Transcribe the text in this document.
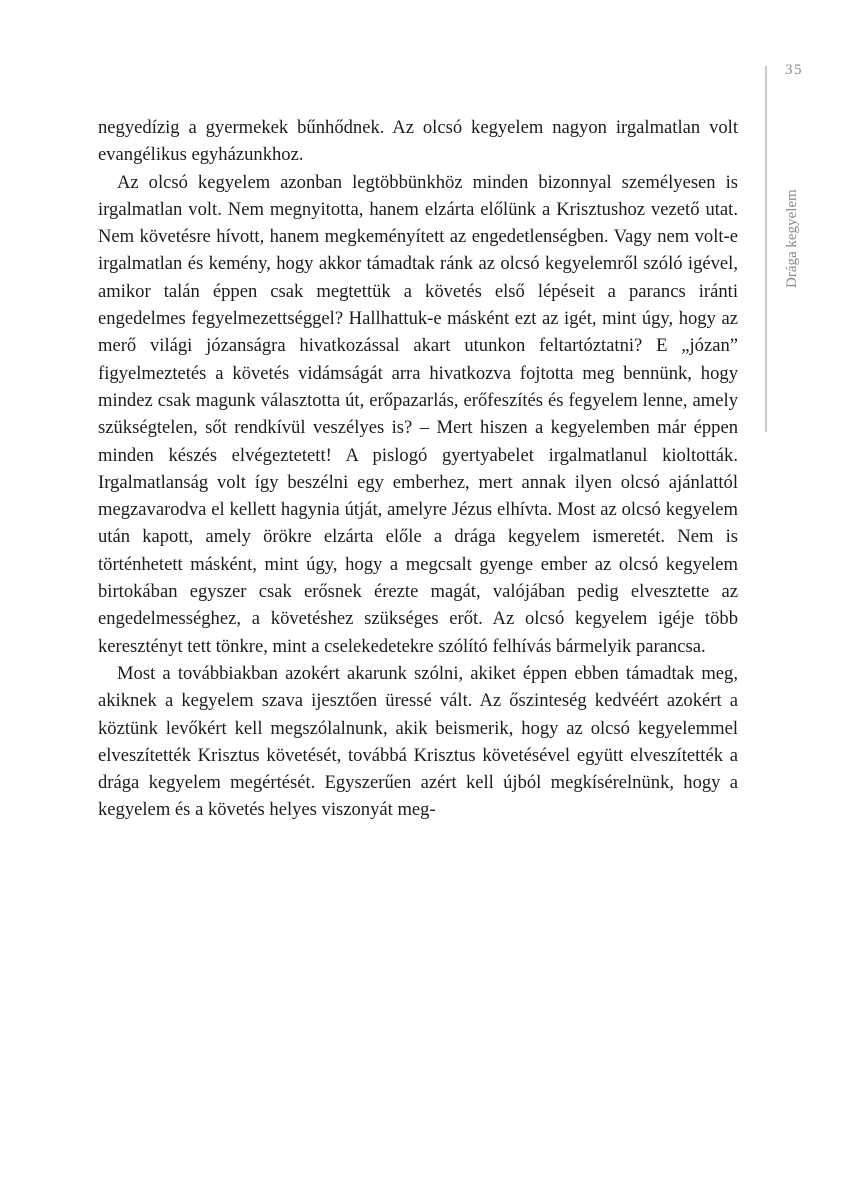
35
Drága kegyelem

negyedízig a gyermekek bűnhődnek. Az olcsó kegyelem nagyon irgalmatlan volt evangélikus egyházunkhoz.

Az olcsó kegyelem azonban legtöbbünkhöz minden bizonnyal személyesen is irgalmatlan volt. Nem megnyitotta, hanem elzárta előlünk a Krisztushoz vezető utat. Nem követésre hívott, hanem megkeményített az engedetlenségben. Vagy nem volt-e irgalmatlan és kemény, hogy akkor támadtak ránk az olcsó kegyelemről szóló igével, amikor talán éppen csak megtettük a követés első lépéseit a parancs iránti engedelmes fegyelmezettséggel? Hallhattuk-e másként ezt az igét, mint úgy, hogy az merő világi józanságra hivatkozással akart utunkon feltartóztatni? E „józan” figyelmeztetés a követés vidámságát arra hivatkozva fojtotta meg bennünk, hogy mindez csak magunk választotta út, erőpazarlás, erőfeszítés és fegyelem lenne, amely szükségtelen, sőt rendkívül veszélyes is? – Mert hiszen a kegyelemben már éppen minden készés elvégeztetett! A pislogó gyertyabelet irgalmatlanul kioltották. Irgalmatlanság volt így beszélni egy emberhez, mert annak ilyen olcsó ajánlattól megzavarodva el kellett hagynia útját, amelyre Jézus elhívta. Most az olcsó kegyelem után kapott, amely örökre elzárta előle a drága kegyelem ismeretét. Nem is történhetett másként, mint úgy, hogy a megcsalt gyenge ember az olcsó kegyelem birtokában egyszer csak erősnek érezte magát, valójában pedig elvesztette az engedelmességhez, a követéshez szükséges erőt. Az olcsó kegyelem igéje több keresztényt tett tönkre, mint a cselekedetekre szólító felhívás bármelyik parancsa.

Most a továbbiakban azokért akarunk szólni, akiket éppen ebben támadtak meg, akiknek a kegyelem szava ijesztően üressé vált. Az őszinteség kedvéért azokért a köztünk levőkért kell megszólalnunk, akik beismerik, hogy az olcsó kegyelemmel elveszítették Krisztus követését, továbbá Krisztus követésével együtt elveszítették a drága kegyelem megértését. Egyszerűen azért kell újból megkísérelnünk, hogy a kegyelem és a követés helyes viszonyát meg-
